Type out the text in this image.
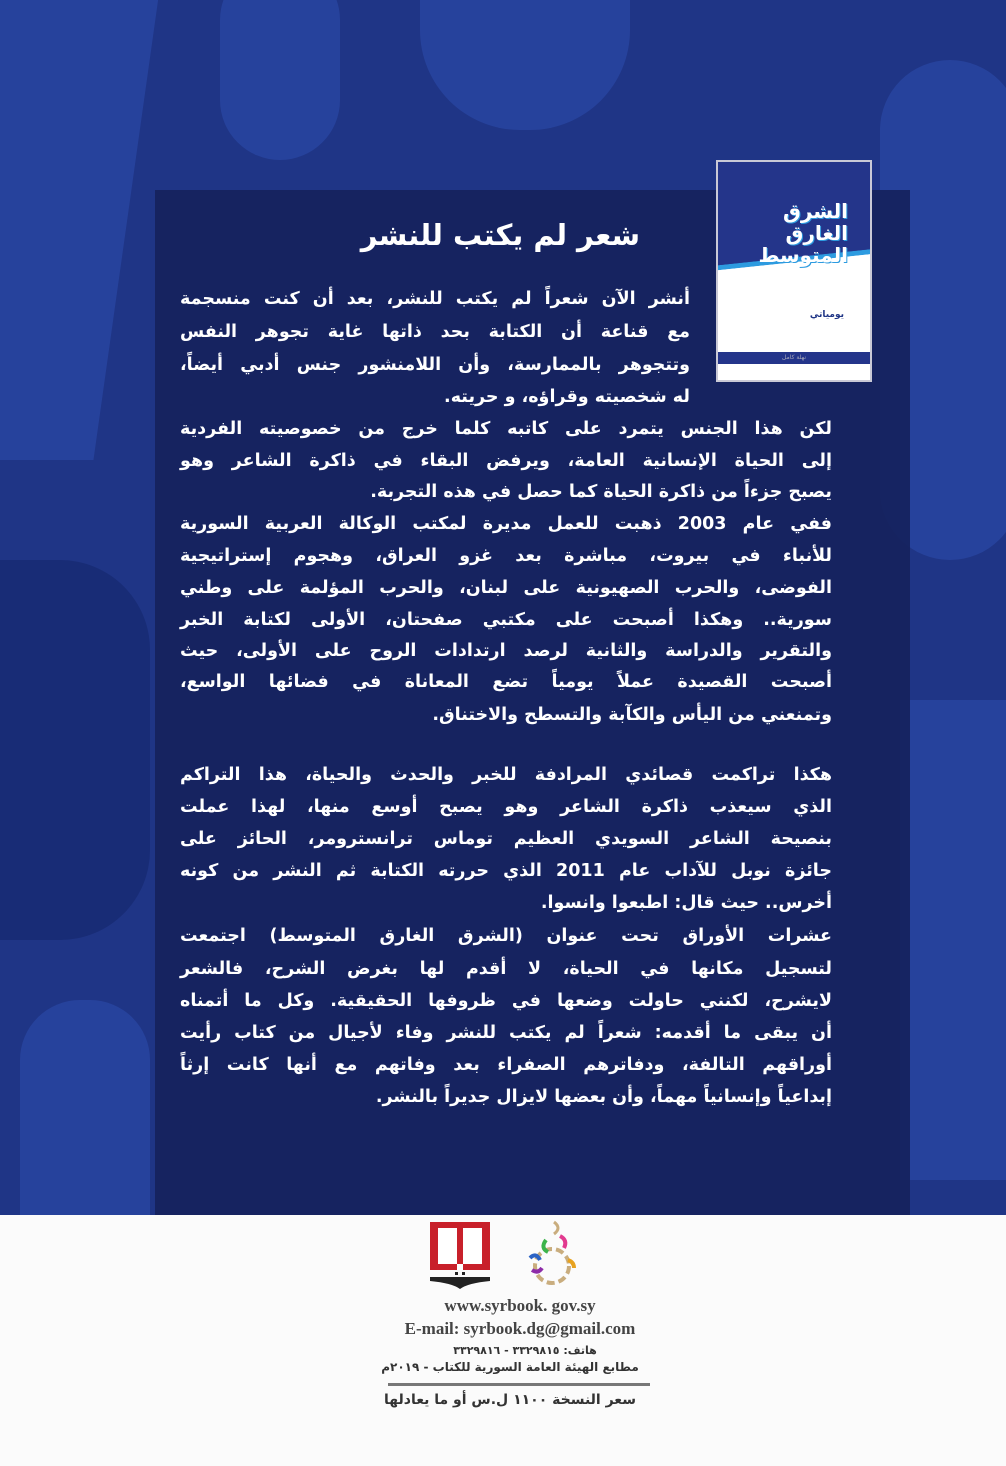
شعر لم يكتب للنشر
الشرق
الغارق
المتوسط
يومياتي
نهلة كامل
أنشر الآن شعراً لم يكتب للنشر، بعد أن كنت منسجمة
مع قناعة أن الكتابة بحد ذاتها غاية تجوهر النفس
وتتجوهر بالممارسة، وأن اللامنشور جنس أدبي أيضاً،
له شخصيته وقراؤه، و حريته.
لكن هذا الجنس يتمرد على كاتبه كلما خرج من خصوصيته الفردية
إلى الحياة الإنسانية العامة، ويرفض البقاء في ذاكرة الشاعر وهو
يصبح جزءاً من ذاكرة الحياة كما حصل في هذه التجربة.
ففي عام 2003 ذهبت للعمل مديرة لمكتب الوكالة العربية السورية
للأنباء في بيروت، مباشرة بعد غزو العراق، وهجوم إستراتيجية
الفوضى، والحرب الصهيونية على لبنان، والحرب المؤلمة على وطني
سورية.. وهكذا أصبحت على مكتبي صفحتان، الأولى لكتابة الخبر
والتقرير والدراسة والثانية لرصد ارتدادات الروح على الأولى، حيث
أصبحت القصيدة عملاً يومياً تضع المعاناة في فضائها الواسع،
وتمنعني من اليأس والكآبة والتسطح والاختناق.
هكذا تراكمت قصائدي المرادفة للخبر والحدث والحياة، هذا التراكم
الذي سيعذب ذاكرة الشاعر وهو يصبح أوسع منها، لهذا عملت
بنصيحة الشاعر السويدي العظيم توماس ترانسترومر، الحائز على
جائزة نوبل للآداب عام 2011 الذي حررته الكتابة ثم النشر من كونه
أخرس.. حيث قال: اطبعوا وانسوا.
عشرات الأوراق تحت عنوان (الشرق الغارق المتوسط) اجتمعت
لتسجيل مكانها في الحياة، لا أقدم لها بغرض الشرح، فالشعر
لايشرح، لكنني حاولت وضعها في ظروفها الحقيقية. وكل ما أتمناه
أن يبقى ما أقدمه: شعراً لم يكتب للنشر وفاء لأجيال من كتاب رأيت
أوراقهم التالفة، ودفاترهم الصفراء بعد وفاتهم مع أنها كانت إرثاً
إبداعياً وإنسانياً مهماً، وأن بعضها لايزال جديراً بالنشر.
www.syrbook. gov.sy
E-mail: syrbook.dg@gmail.com
هاتف: ٣٣٢٩٨١٥ - ٣٣٢٩٨١٦
مطابع الهيئة العامة السورية للكتاب - ٢٠١٩م
سعر النسخة ١١٠٠ ل.س أو ما يعادلها
